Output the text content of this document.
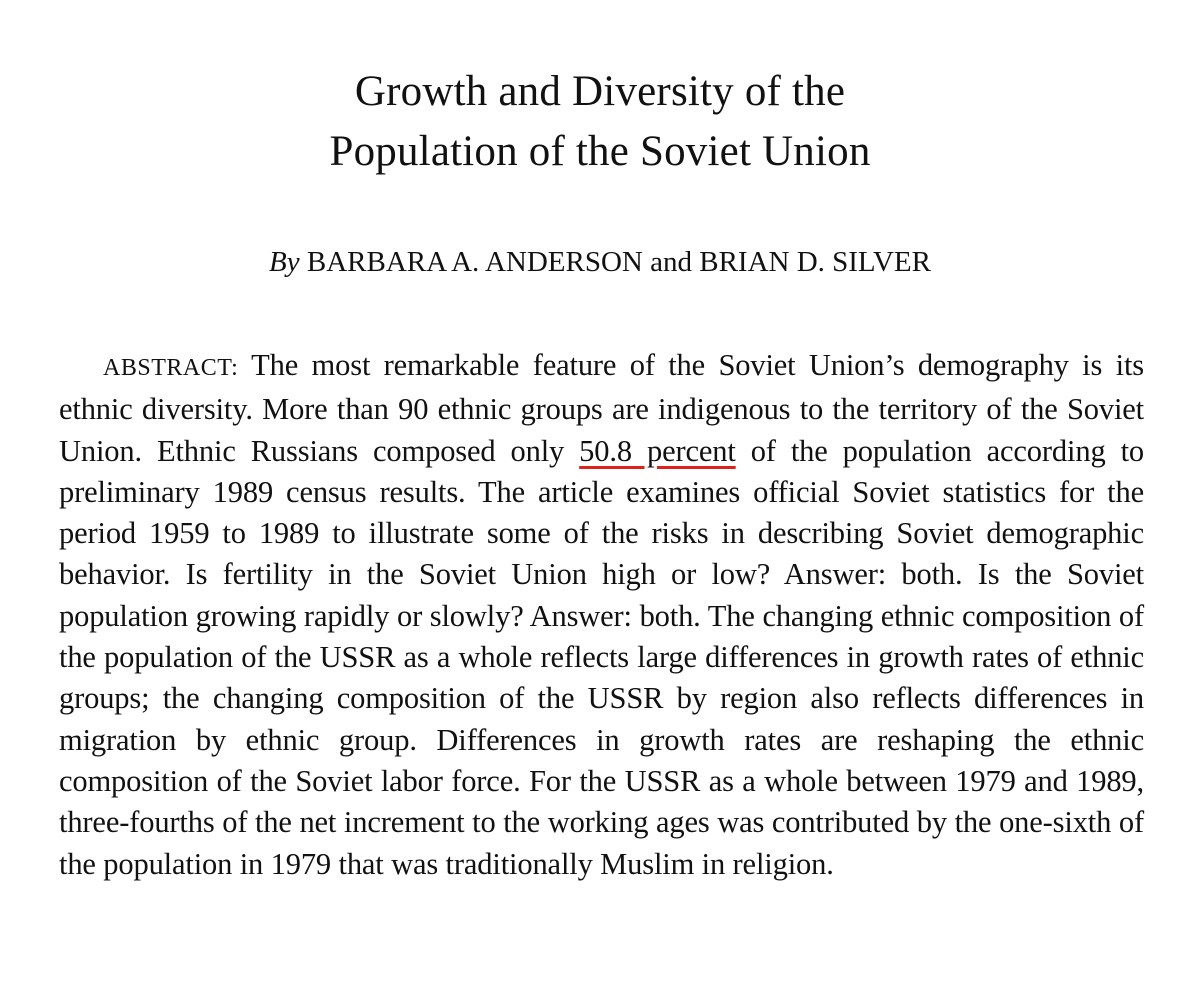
Growth and Diversity of the
Population of the Soviet Union
By BARBARA A. ANDERSON and BRIAN D. SILVER

ABSTRACT: The most remarkable feature of the Soviet Union’s demography is its ethnic diversity. More than 90 ethnic groups are indigenous to the territory of the Soviet Union. Ethnic Russians composed only 50.8 percent of the population according to preliminary 1989 census results. The article examines official Soviet statistics for the period 1959 to 1989 to illustrate some of the risks in describing Soviet demographic behavior. Is fertility in the Soviet Union high or low? Answer: both. Is the Soviet population growing rapidly or slowly? Answer: both. The changing ethnic composition of the population of the USSR as a whole reflects large differences in growth rates of ethnic groups; the changing composition of the USSR by region also reflects differences in migration by ethnic group. Differences in growth rates are reshaping the ethnic composition of the Soviet labor force. For the USSR as a whole between 1979 and 1989, three-fourths of the net increment to the working ages was contributed by the one-sixth of the population in 1979 that was traditionally Muslim in religion.
